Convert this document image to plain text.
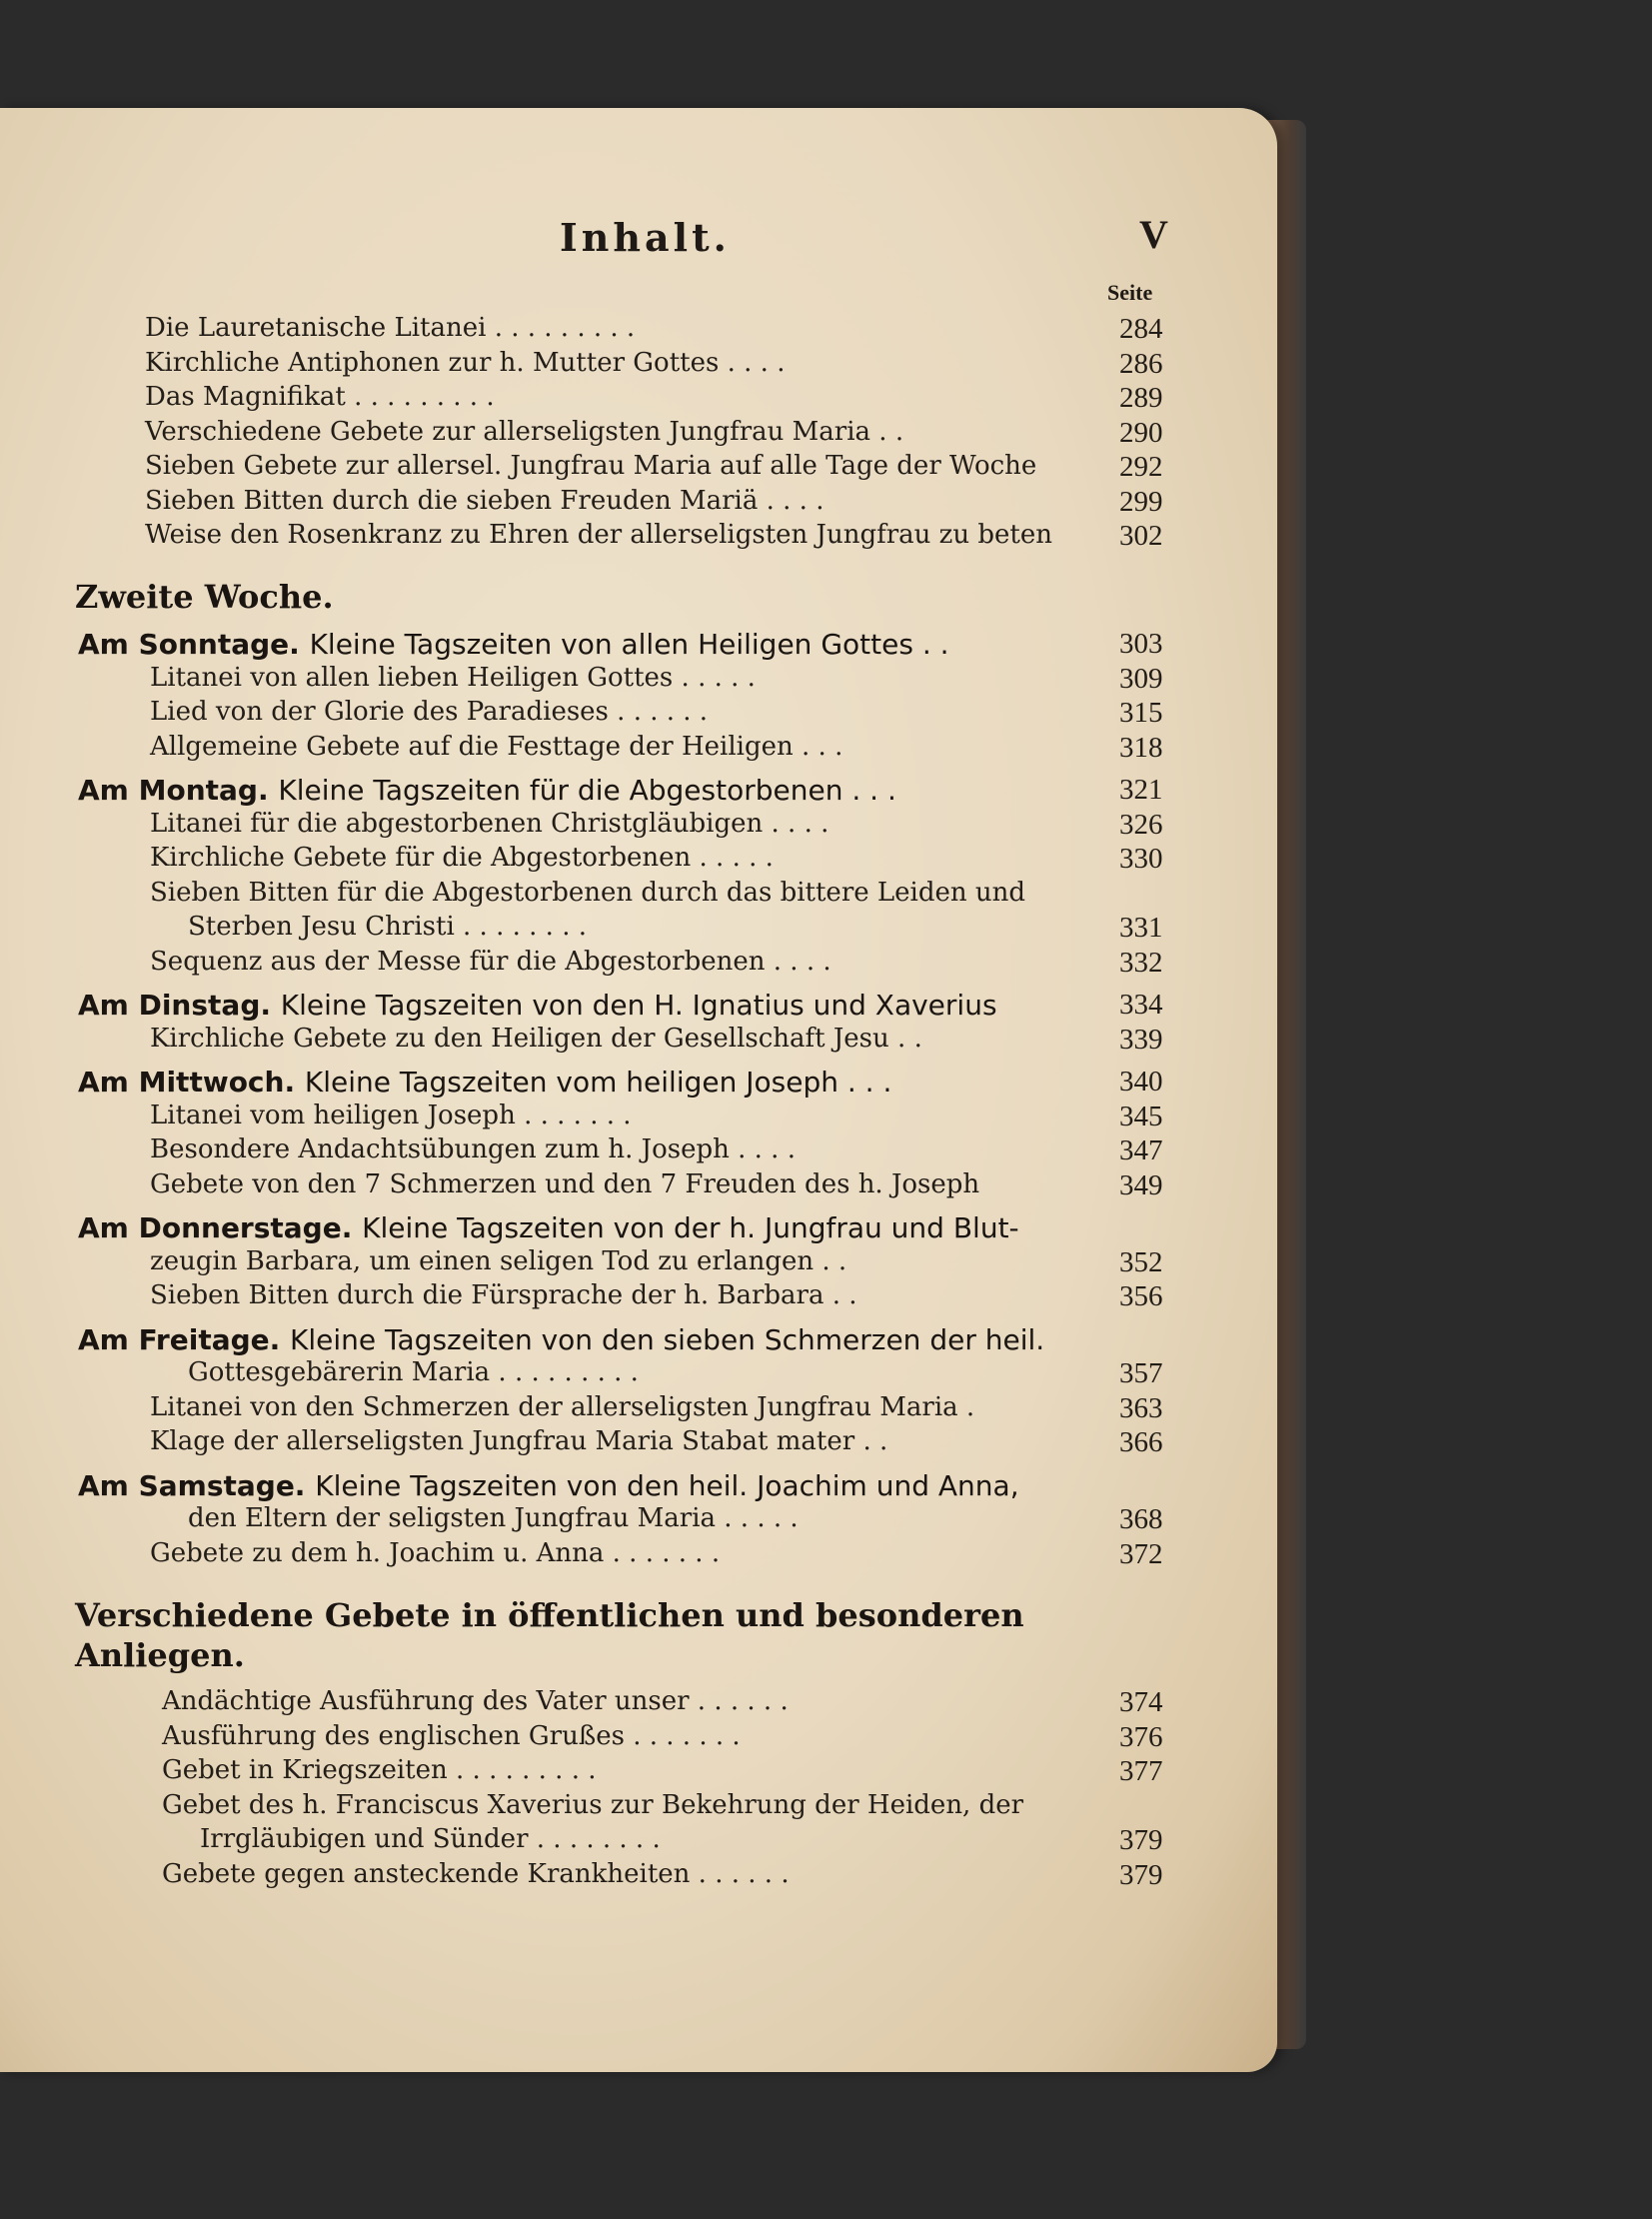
Inhalt.	V
Seite
Die Lauretanische Litanei . . . . . . . . .	284
Kirchliche Antiphonen zur h. Mutter Gottes . . . .	286
Das Magnifikat . . . . . . . . .	289
Verschiedene Gebete zur allerseligsten Jungfrau Maria . .	290
Sieben Gebete zur allersel. Jungfrau Maria auf alle Tage der Woche	292
Sieben Bitten durch die sieben Freuden Mariä . . . .	299
Weise den Rosenkranz zu Ehren der allerseligsten Jungfrau zu beten 302
Zweite Woche.
Am Sonntage. Kleine Tagszeiten von allen Heiligen Gottes . .	303
Litanei von allen lieben Heiligen Gottes . . . . .	309
Lied von der Glorie des Paradieses . . . . . .	315
Allgemeine Gebete auf die Festtage der Heiligen . . .	318
Am Montag. Kleine Tagszeiten für die Abgestorbenen . . .	321
Litanei für die abgestorbenen Christgläubigen . . . .	326
Kirchliche Gebete für die Abgestorbenen . . . . .	330
Sieben Bitten für die Abgestorbenen durch das bittere Leiden und
Sterben Jesu Christi . . . . . . . .	331
Sequenz aus der Messe für die Abgestorbenen . . . .	332
Am Dinstag. Kleine Tagszeiten von den H. Ignatius und Xaverius	334
Kirchliche Gebete zu den Heiligen der Gesellschaft Jesu . .	339
Am Mittwoch. Kleine Tagszeiten vom heiligen Joseph . . .	340
Litanei vom heiligen Joseph . . . . . . .	345
Besondere Andachtsübungen zum h. Joseph . . . .	347
Gebete von den 7 Schmerzen und den 7 Freuden des h. Joseph	349
Am Donnerstage. Kleine Tagszeiten von der h. Jungfrau und Blut-
zeugin Barbara, um einen seligen Tod zu erlangen . .	352
Sieben Bitten durch die Fürsprache der h. Barbara . .	356
Am Freitage. Kleine Tagszeiten von den sieben Schmerzen der heil.
Gottesgebärerin Maria . . . . . . . . .	357
Litanei von den Schmerzen der allerseligsten Jungfrau Maria .	363
Klage der allerseligsten Jungfrau Maria Stabat mater . .	366
Am Samstage. Kleine Tagszeiten von den heil. Joachim und Anna,
den Eltern der seligsten Jungfrau Maria . . . . .	368
Gebete zu dem h. Joachim u. Anna . . . . . . .	372
Verschiedene Gebete in öffentlichen und besonderen
Anliegen.
Andächtige Ausführung des Vater unser . . . . . .	374
Ausführung des englischen Grußes . . . . . . .	376
Gebet in Kriegszeiten . . . . . . . . .	377
Gebet des h. Franciscus Xaverius zur Bekehrung der Heiden, der
Irrgläubigen und Sünder . . . . . . . .	379
Gebete gegen ansteckende Krankheiten . . . . . .	379
